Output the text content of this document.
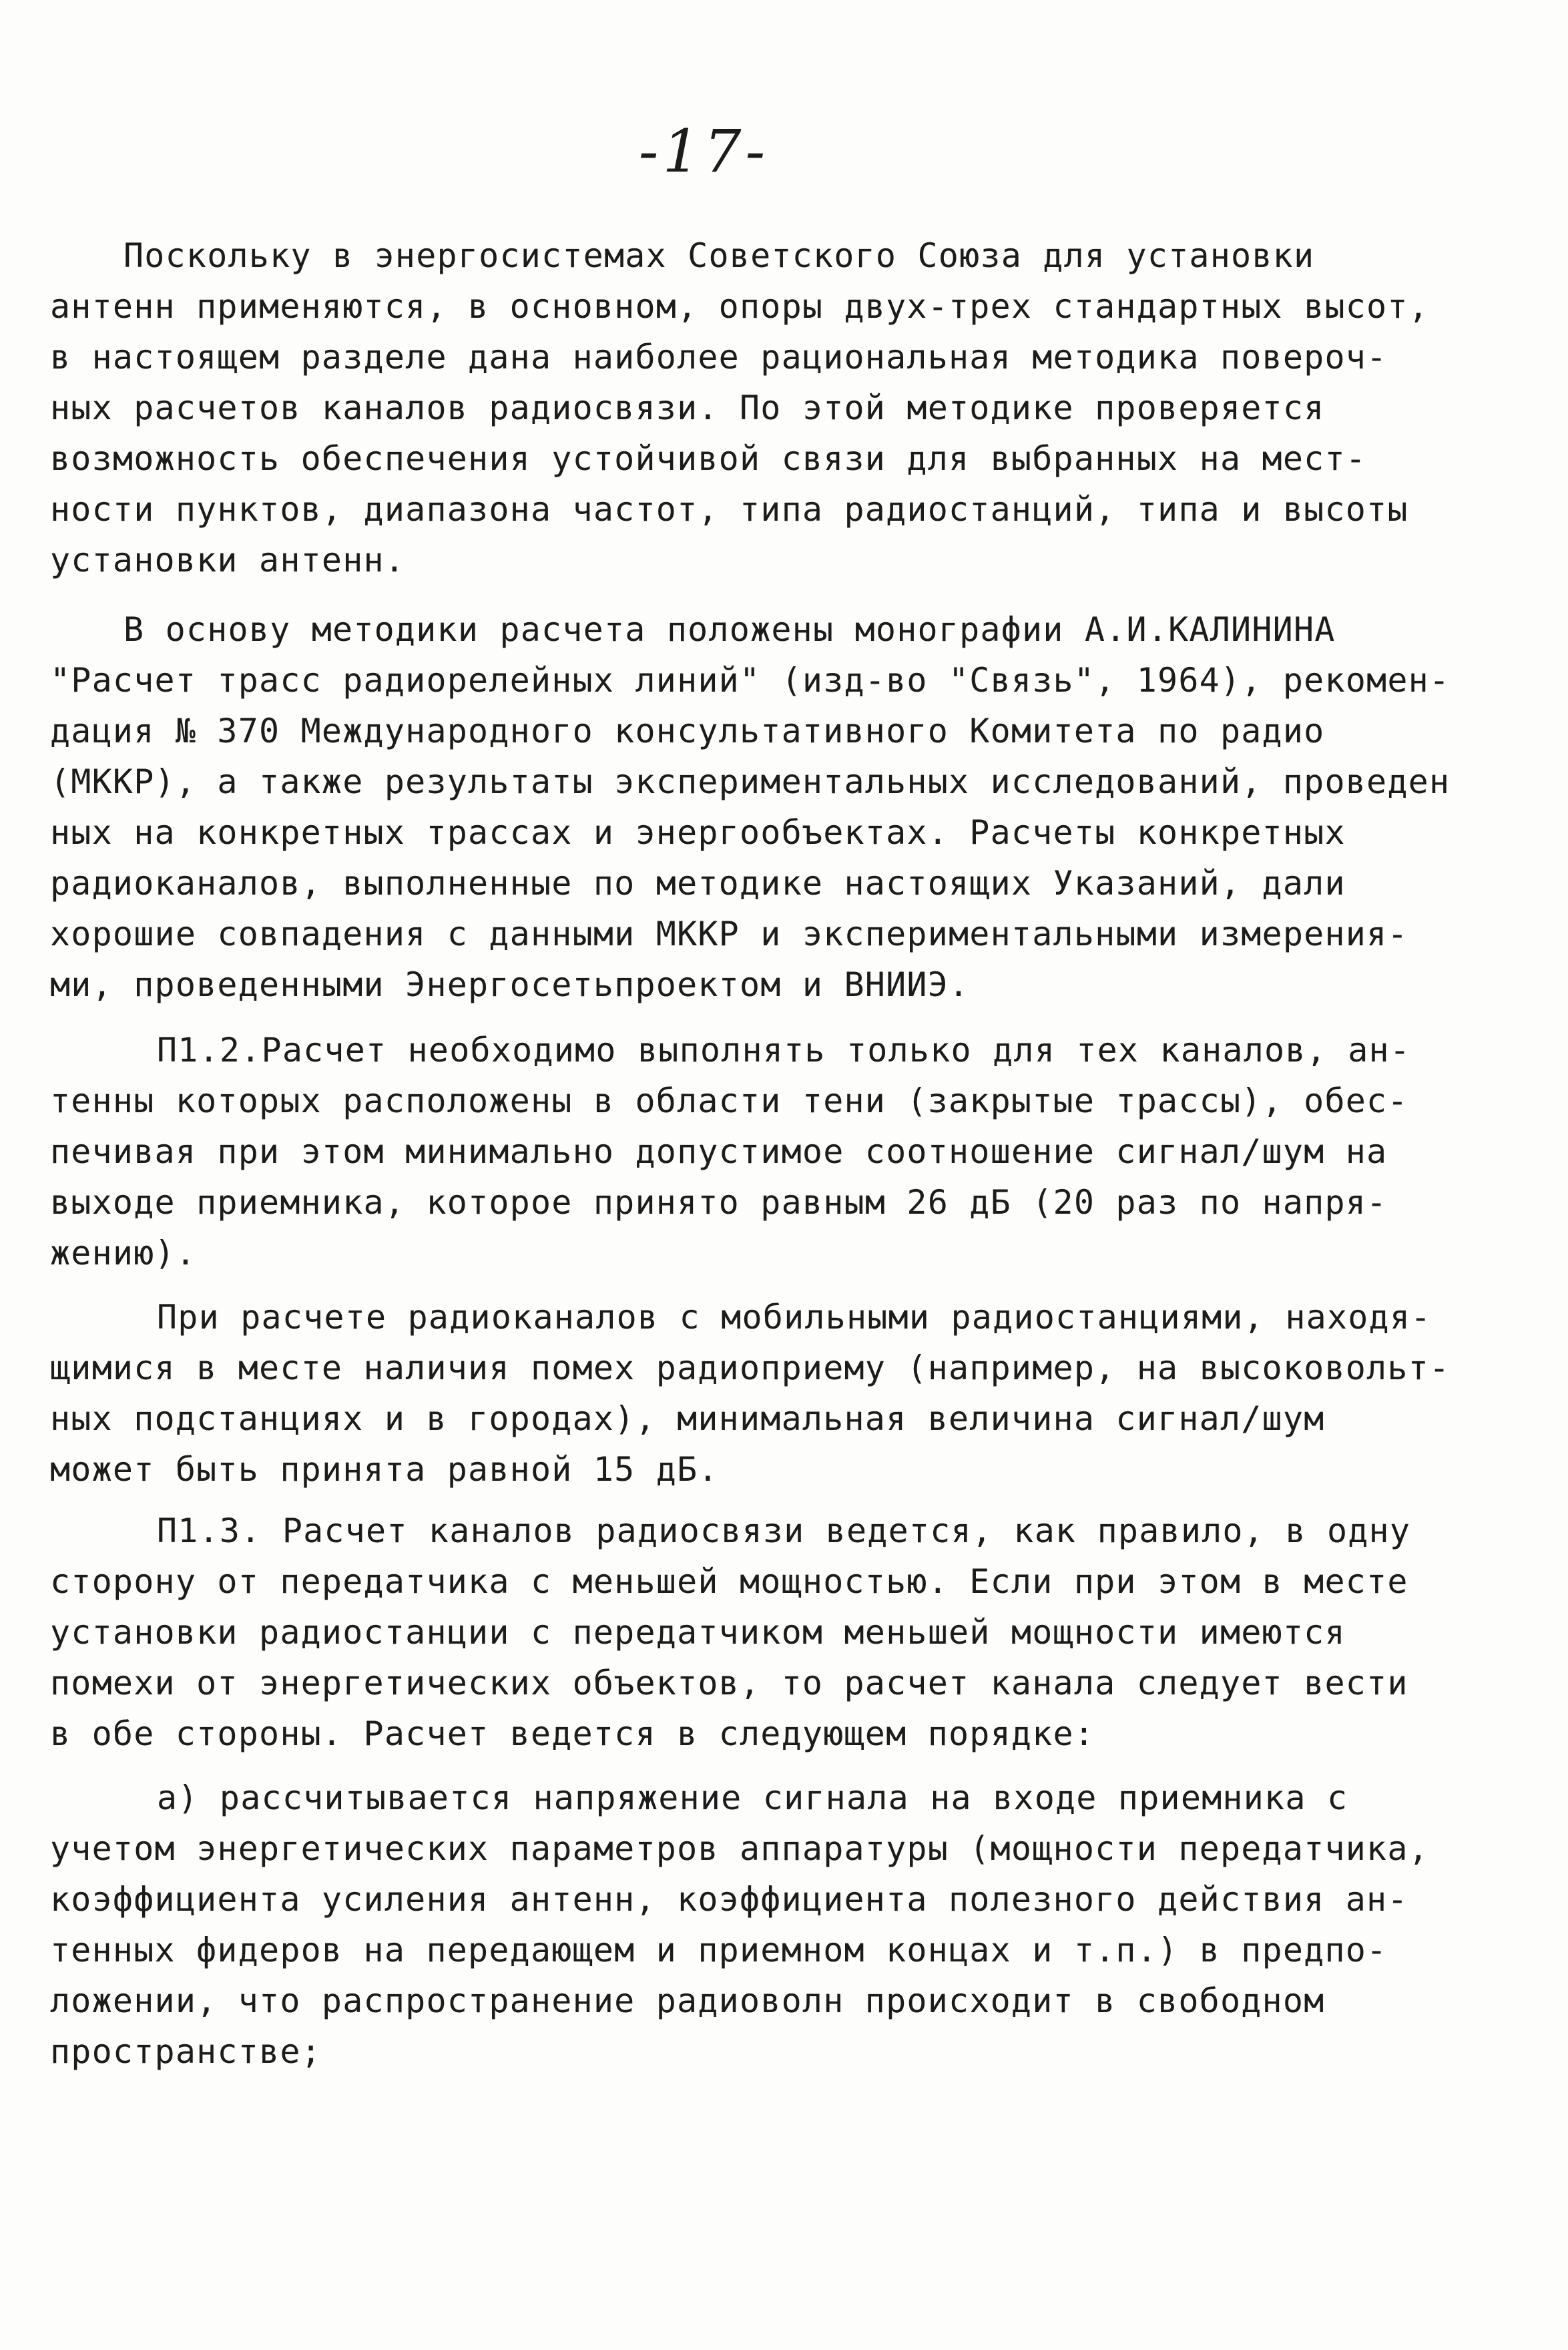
-17-
Поскольку в энергосистемах Советского Союза для установки
антенн применяются, в основном, опоры двух-трех стандартных высот,
в настоящем разделе дана наиболее рациональная методика повероч-
ных расчетов каналов радиосвязи. По этой методике проверяется
возможность обеспечения устойчивой связи для выбранных на мест-
ности пунктов, диапазона частот, типа радиостанций, типа и высоты
установки антенн.
В основу методики расчета положены монографии А.И.КАЛИНИНА
"Расчет трасс радиорелейных линий" (изд-во "Связь", 1964), рекомен-
дация № 370 Международного консультативного Комитета по радио
(МККР), а также результаты экспериментальных исследований, проведен
ных на конкретных трассах и энергообъектах. Расчеты конкретных
радиоканалов, выполненные по методике настоящих Указаний, дали
хорошие совпадения с данными МККР и экспериментальными измерения-
ми, проведенными Энергосетьпроектом и ВНИИЭ.
П1.2.Расчет необходимо выполнять только для тех каналов, ан-
тенны которых расположены в области тени (закрытые трассы), обес-
печивая при этом минимально допустимое соотношение сигнал/шум на
выходе приемника, которое принято равным 26 дБ (20 раз по напря-
жению).
При расчете радиоканалов с мобильными радиостанциями, находя-
щимися в месте наличия помех радиоприему (например, на высоковольт-
ных подстанциях и в городах), минимальная величина сигнал/шум
может быть принята равной 15 дБ.
П1.3. Расчет каналов радиосвязи ведется, как правило, в одну
сторону от передатчика с меньшей мощностью. Если при этом в месте
установки радиостанции с передатчиком меньшей мощности имеются
помехи от энергетических объектов, то расчет канала следует вести
в обе стороны. Расчет ведется в следующем порядке:
а) рассчитывается напряжение сигнала на входе приемника с
учетом энергетических параметров аппаратуры (мощности передатчика,
коэффициента усиления антенн, коэффициента полезного действия ан-
тенных фидеров на передающем и приемном концах и т.п.) в предпо-
ложении, что распространение радиоволн происходит в свободном
пространстве;
